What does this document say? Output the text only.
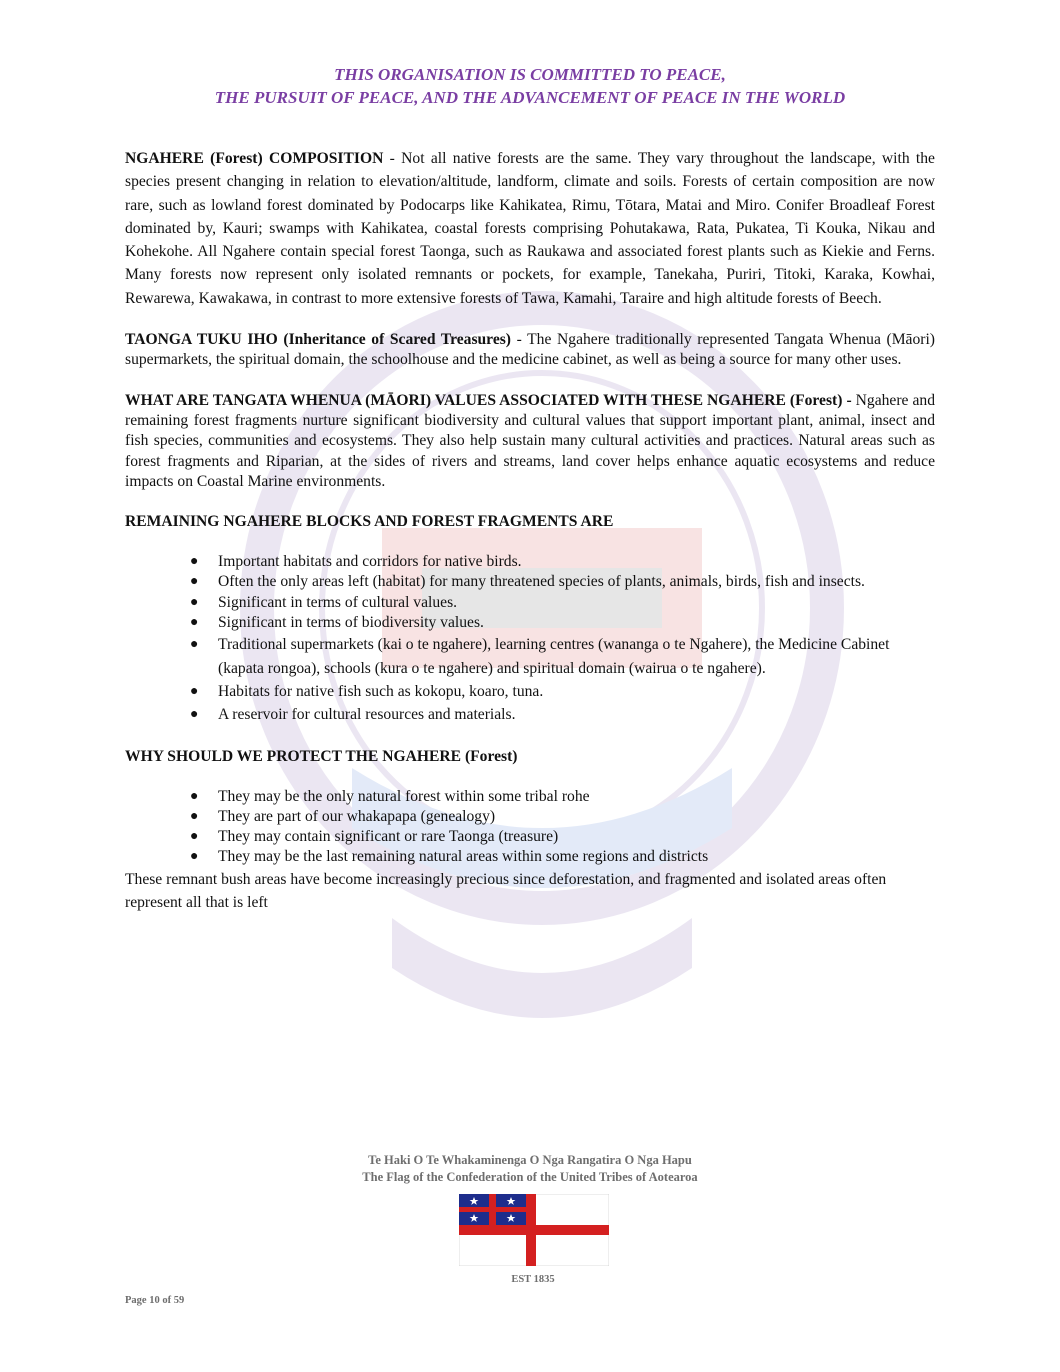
THIS ORGANISATION IS COMMITTED TO PEACE,
THE PURSUIT OF PEACE, AND THE ADVANCEMENT OF PEACE IN THE WORLD

NGAHERE (Forest) COMPOSITION - Not all native forests are the same. They vary throughout the landscape, with the species present changing in relation to elevation/altitude, landform, climate and soils. Forests of certain composition are now rare, such as lowland forest dominated by Podocarps like Kahikatea, Rimu, Tōtara, Matai and Miro. Conifer Broadleaf Forest dominated by, Kauri; swamps with Kahikatea, coastal forests comprising Pohutakawa, Rata, Pukatea, Ti Kouka, Nikau and Kohekohe. All Ngahere contain special forest Taonga, such as Raukawa and associated forest plants such as Kiekie and Ferns. Many forests now represent only isolated remnants or pockets, for example, Tanekaha, Puriri, Titoki, Karaka, Kowhai, Rewarewa, Kawakawa, in contrast to more extensive forests of Tawa, Kamahi, Taraire and high altitude forests of Beech.

TAONGA TUKU IHO (Inheritance of Scared Treasures) - The Ngahere traditionally represented Tangata Whenua (Māori) supermarkets, the spiritual domain, the schoolhouse and the medicine cabinet, as well as being a source for many other uses.

WHAT ARE TANGATA WHENUA (MĀORI) VALUES ASSOCIATED WITH THESE NGAHERE (Forest) - Ngahere and remaining forest fragments nurture significant biodiversity and cultural values that support important plant, animal, insect and fish species, communities and ecosystems. They also help sustain many cultural activities and practices. Natural areas such as forest fragments and Riparian, at the sides of rivers and streams, land cover helps enhance aquatic ecosystems and reduce impacts on Coastal Marine environments.

REMAINING NGAHERE BLOCKS AND FOREST FRAGMENTS ARE

● Important habitats and corridors for native birds.
● Often the only areas left (habitat) for many threatened species of plants, animals, birds, fish and insects.
● Significant in terms of cultural values.
● Significant in terms of biodiversity values.
● Traditional supermarkets (kai o te ngahere), learning centres (wananga o te Ngahere), the Medicine Cabinet (kapata rongoa), schools (kura o te ngahere) and spiritual domain (wairua o te ngahere).
● Habitats for native fish such as kokopu, koaro, tuna.
● A reservoir for cultural resources and materials.

WHY SHOULD WE PROTECT THE NGAHERE (Forest)

● They may be the only natural forest within some tribal rohe
● They are part of our whakapapa (genealogy)
● They may contain significant or rare Taonga (treasure)
● They may be the last remaining natural areas within some regions and districts

These remnant bush areas have become increasingly precious since deforestation, and fragmented and isolated areas often represent all that is left

Te Haki O Te Whakaminenga O Nga Rangatira O Nga Hapu
The Flag of the Confederation of the United Tribes of Aotearoa
EST 1835
Page 10 of 59
